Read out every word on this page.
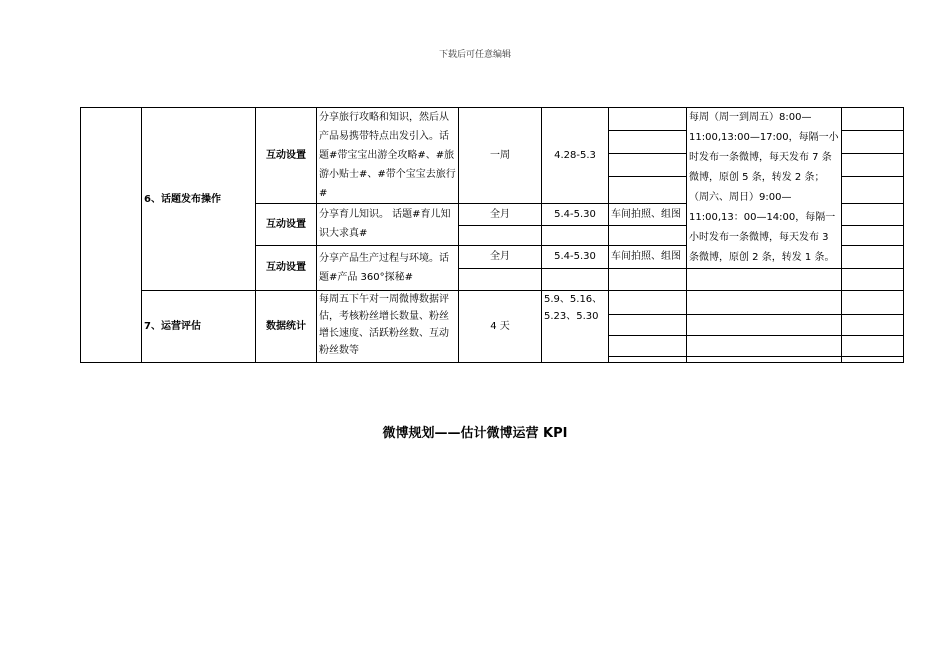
下载后可任意编辑
	6、话题发布操作	互动设置	分享旅行攻略和知识，然后从产品易携带特点出发引入。话题#带宝宝出游全攻略#、#旅游小贴士#、#带个宝宝去旅行#	一周	4.28-5.3		每周（周一到周五）8:00—11:00,13:00—17:00，每隔一小时发布一条微博，每天发布 7 条微博，原创 5 条，转发 2 条；（周六、周日）9:00—11:00,13：00—14:00，每隔一小时发布一条微博，每天发布 3 条微博，原创 2 条，转发 1 条。	

		互动设置	分享育儿知识。 话题#育儿知识大求真#	全月	5.4-5.30	车间拍照、组图		

		互动设置	分享产品生产过程与环境。话题#产品 360°探秘#	全月	5.4-5.30	车间拍照、组图		

	7、运营评估	数据统计	每周五下午对一周微博数据评估，考核粉丝增长数量、粉丝增长速度、活跃粉丝数、互动粉丝数等	4 天	5.9、5.16、5.23、5.30			

微博规划——估计微博运营 KPI
